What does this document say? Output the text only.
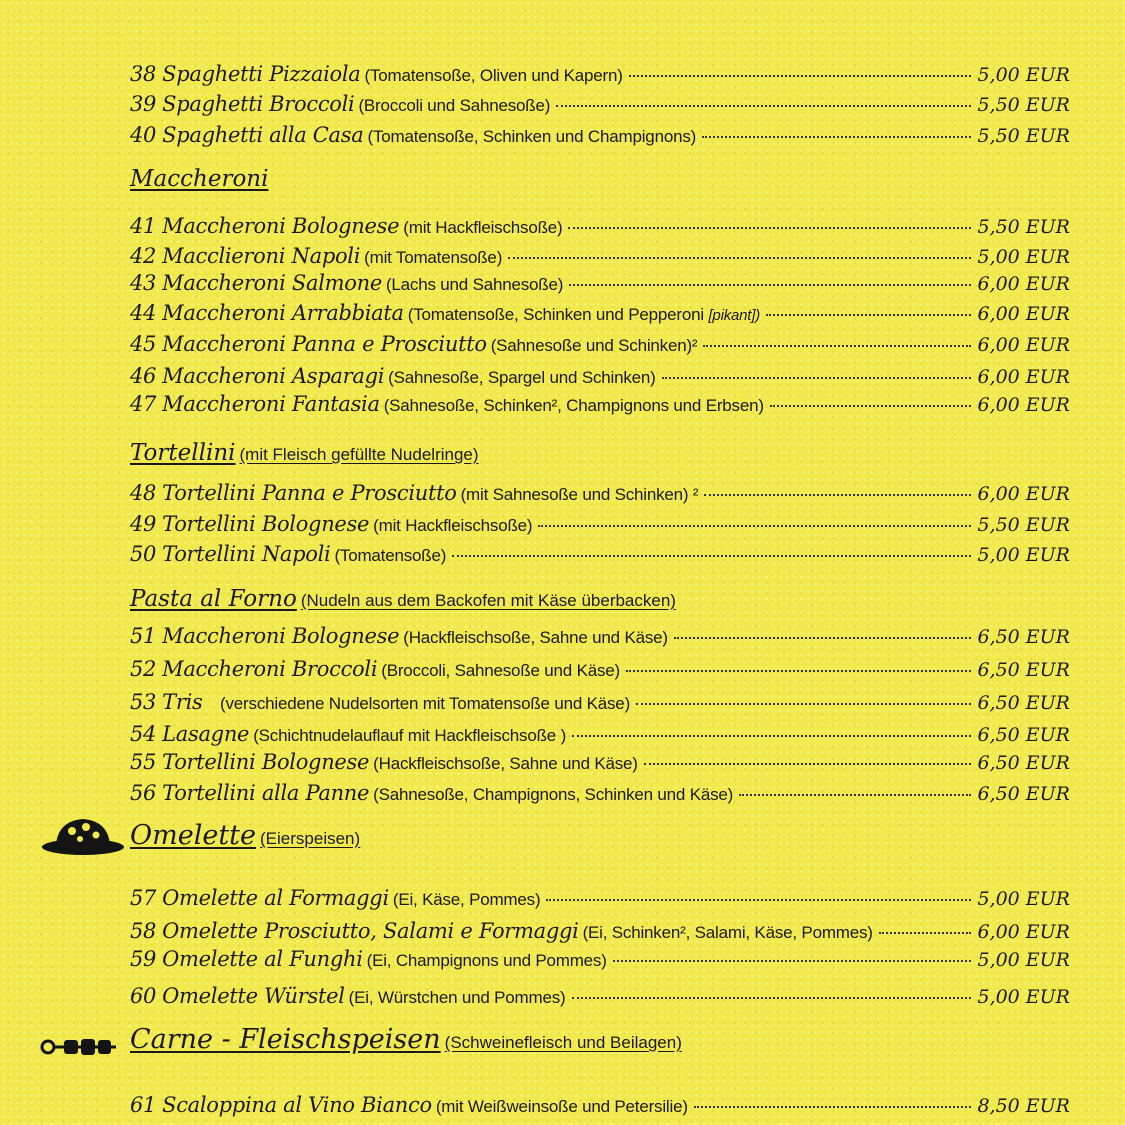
38 Spaghetti Pizzaiola (Tomatensoße, Oliven und Kapern)	5,00 EUR
39 Spaghetti Broccoli (Broccoli und Sahnesoße)	5,50 EUR
40 Spaghetti alla Casa (Tomatensoße, Schinken und Champignons)	5,50 EUR
Maccheroni
41 Maccheroni Bolognese (mit Hackfleischsoße)	5,50 EUR
42 Macclieroni Napoli (mit Tomatensoße)	5,00 EUR
43 Maccheroni Salmone (Lachs und Sahnesoße)	6,00 EUR
44 Maccheroni Arrabbiata (Tomatensoße, Schinken und Pepperoni [pikant])	6,00 EUR
45 Maccheroni Panna e Prosciutto (Sahnesoße und Schinken)²	6,00 EUR
46 Maccheroni Asparagi (Sahnesoße, Spargel und Schinken)	6,00 EUR
47 Maccheroni Fantasia (Sahnesoße, Schinken², Champignons und Erbsen)	6,00 EUR
Tortellini (mit Fleisch gefüllte Nudelringe)
48 Tortellini Panna e Prosciutto (mit Sahnesoße und Schinken) ²	6,00 EUR
49 Tortellini Bolognese (mit Hackfleischsoße)	5,50 EUR
50 Tortellini Napoli (Tomatensoße)	5,00 EUR
Pasta al Forno (Nudeln aus dem Backofen mit Käse überbacken)
51 Maccheroni Bolognese (Hackfleischsoße, Sahne und Käse)	6,50 EUR
52 Maccheroni Broccoli (Broccoli, Sahnesoße und Käse)	6,50 EUR
53 Tris (verschiedene Nudelsorten mit Tomatensoße und Käse)	6,50 EUR
54 Lasagne (Schichtnudelauflauf mit Hackfleischsoße )	6,50 EUR
55 Tortellini Bolognese (Hackfleischsoße, Sahne und Käse)	6,50 EUR
56 Tortellini alla Panne (Sahnesoße, Champignons, Schinken und Käse)	6,50 EUR
Omelette (Eierspeisen)
57 Omelette al Formaggi (Ei, Käse, Pommes)	5,00 EUR
58 Omelette Prosciutto, Salami e Formaggi (Ei, Schinken², Salami, Käse, Pommes)	6,00 EUR
59 Omelette al Funghi (Ei, Champignons und Pommes)	5,00 EUR
60 Omelette Würstel (Ei, Würstchen und Pommes)	5,00 EUR
Carne - Fleischspeisen (Schweinefleisch und Beilagen)
61 Scaloppina al Vino Bianco (mit Weißweinsoße und Petersilie)	8,50 EUR
